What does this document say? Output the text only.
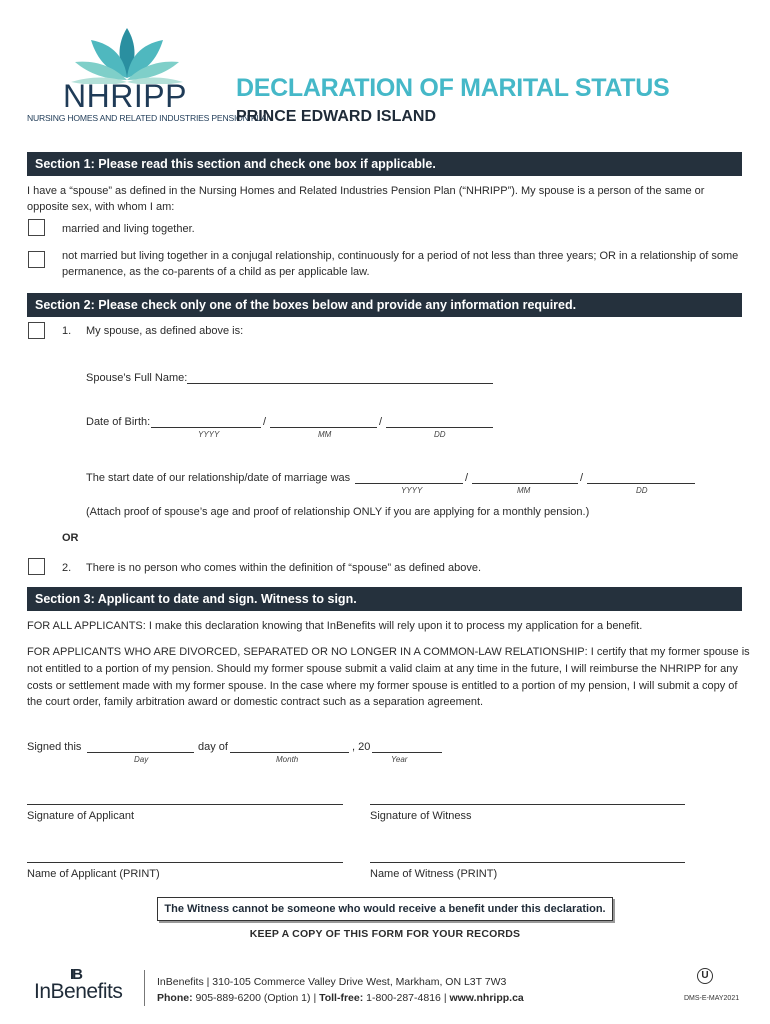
NHRIPP
NURSING HOMES AND RELATED INDUSTRIES PENSION PLAN
DECLARATION OF MARITAL STATUS
PRINCE EDWARD ISLAND
Section 1: Please read this section and check one box if applicable.
I have a “spouse” as defined in the Nursing Homes and Related Industries Pension Plan (“NHRIPP”). My spouse is a person of the same or
opposite sex, with whom I am:
married and living together.
not married but living together in a conjugal relationship, continuously for a period of not less than three years; OR in a relationship of some
permanence, as the co-parents of a child as per applicable law.
Section 2: Please check only one of the boxes below and provide any information required.
1. My spouse, as defined above is:
Spouse’s Full Name:
Date of Birth:	/	/
YYYY	MM	DD
The start date of our relationship/date of marriage was	/	/
YYYY	MM	DD
(Attach proof of spouse’s age and proof of relationship ONLY if you are applying for a monthly pension.)
OR
2. There is no person who comes within the definition of “spouse” as defined above.
Section 3: Applicant to date and sign. Witness to sign.
FOR ALL APPLICANTS: I make this declaration knowing that InBenefits will rely upon it to process my application for a benefit.
FOR APPLICANTS WHO ARE DIVORCED, SEPARATED OR NO LONGER IN A COMMON-LAW RELATIONSHIP: I certify that my former spouse is
not entitled to a portion of my pension. Should my former spouse submit a valid claim at any time in the future, I will reimburse the NHRIPP for any
costs or settlement made with my former spouse. In the case where my former spouse is entitled to a portion of my pension, I will submit a copy of
the court order, family arbitration award or domestic contract such as a separation agreement.
Signed this	day of	, 20
Day	Month	Year
Signature of Applicant	Signature of Witness
Name of Applicant (PRINT)	Name of Witness (PRINT)
The Witness cannot be someone who would receive a benefit under this declaration.
KEEP A COPY OF THIS FORM FOR YOUR RECORDS
IB
InBenefits	InBenefits | 310-105 Commerce Valley Drive West, Markham, ON L3T 7W3
Phone: 905-889-6200 (Option 1) | Toll-free: 1-800-287-4816 | www.nhripp.ca
U
DMS-E-MAY2021
